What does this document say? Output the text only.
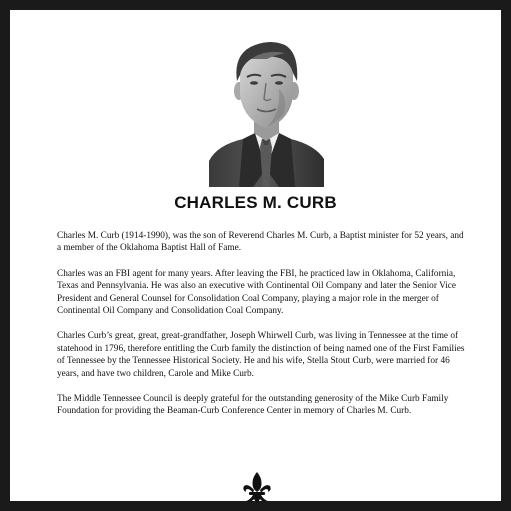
CHARLES M. CURB

Charles M. Curb (1914-1990), was the son of Reverend Charles M. Curb, a Baptist minister for 52 years, and a member of the Oklahoma Baptist Hall of Fame.

Charles was an FBI agent for many years. After leaving the FBI, he practiced law in Oklahoma, California, Texas and Pennsylvania. He was also an executive with Continental Oil Company and later the Senior Vice President and General Counsel for Consolidation Coal Company, playing a major role in the merger of Continental Oil Company and Consolidation Coal Company.

Charles Curb’s great, great, great-grandfather, Joseph Whirwell Curb, was living in Tennessee at the time of statehood in 1796, therefore entitling the Curb family the distinction of being named one of the First Families of Tennessee by the Tennessee Historical Society. He and his wife, Stella Stout Curb, were married for 46 years, and have two children, Carole and Mike Curb.

The Middle Tennessee Council is deeply grateful for the outstanding generosity of the Mike Curb Family Foundation for providing the Beaman-Curb Conference Center in memory of Charles M. Curb.
